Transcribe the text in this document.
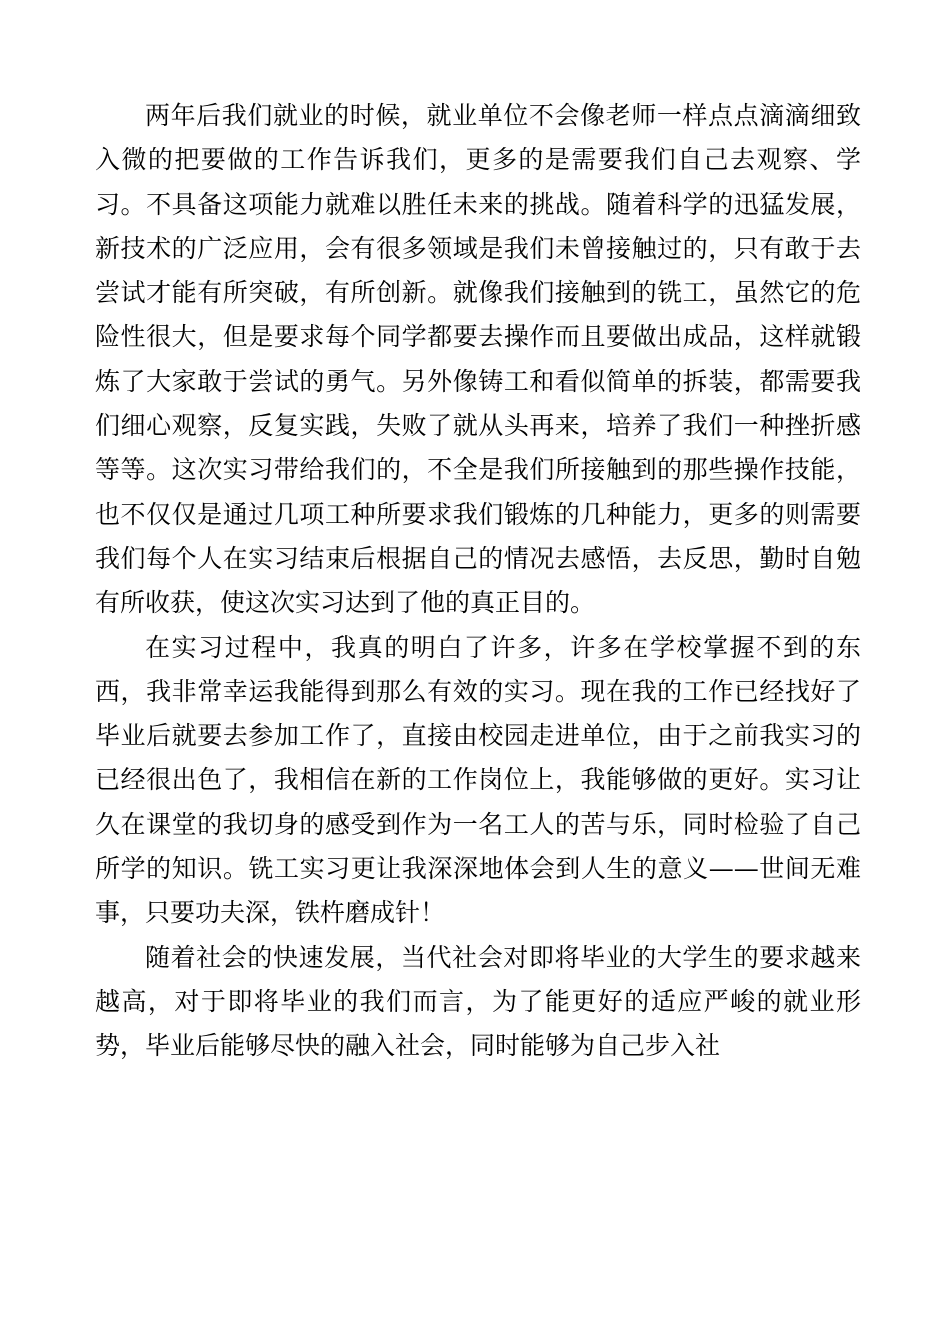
两年后我们就业的时候，就业单位不会像老师一样点点滴滴细致入微的把要做的工作告诉我们，更多的是需要我们自己去观察、学习。不具备这项能力就难以胜任未来的挑战。随着科学的迅猛发展，新技术的广泛应用，会有很多领域是我们未曾接触过的，只有敢于去尝试才能有所突破，有所创新。就像我们接触到的铣工，虽然它的危险性很大，但是要求每个同学都要去操作而且要做出成品，这样就锻炼了大家敢于尝试的勇气。另外像铸工和看似简单的拆装，都需要我们细心观察，反复实践，失败了就从头再来，培养了我们一种挫折感等等。这次实习带给我们的，不全是我们所接触到的那些操作技能，也不仅仅是通过几项工种所要求我们锻炼的几种能力，更多的则需要我们每个人在实习结束后根据自己的情况去感悟，去反思，勤时自勉有所收获，使这次实习达到了他的真正目的。

在实习过程中，我真的明白了许多，许多在学校掌握不到的东西，我非常幸运我能得到那么有效的实习。现在我的工作已经找好了毕业后就要去参加工作了，直接由校园走进单位，由于之前我实习的已经很出色了，我相信在新的工作岗位上，我能够做的更好。实习让久在课堂的我切身的感受到作为一名工人的苦与乐，同时检验了自己所学的知识。铣工实习更让我深深地体会到人生的意义——世间无难事，只要功夫深，铁杵磨成针！

随着社会的快速发展，当代社会对即将毕业的大学生的要求越来越高，对于即将毕业的我们而言，为了能更好的适应严峻的就业形势，毕业后能够尽快的融入社会，同时能够为自己步入社
